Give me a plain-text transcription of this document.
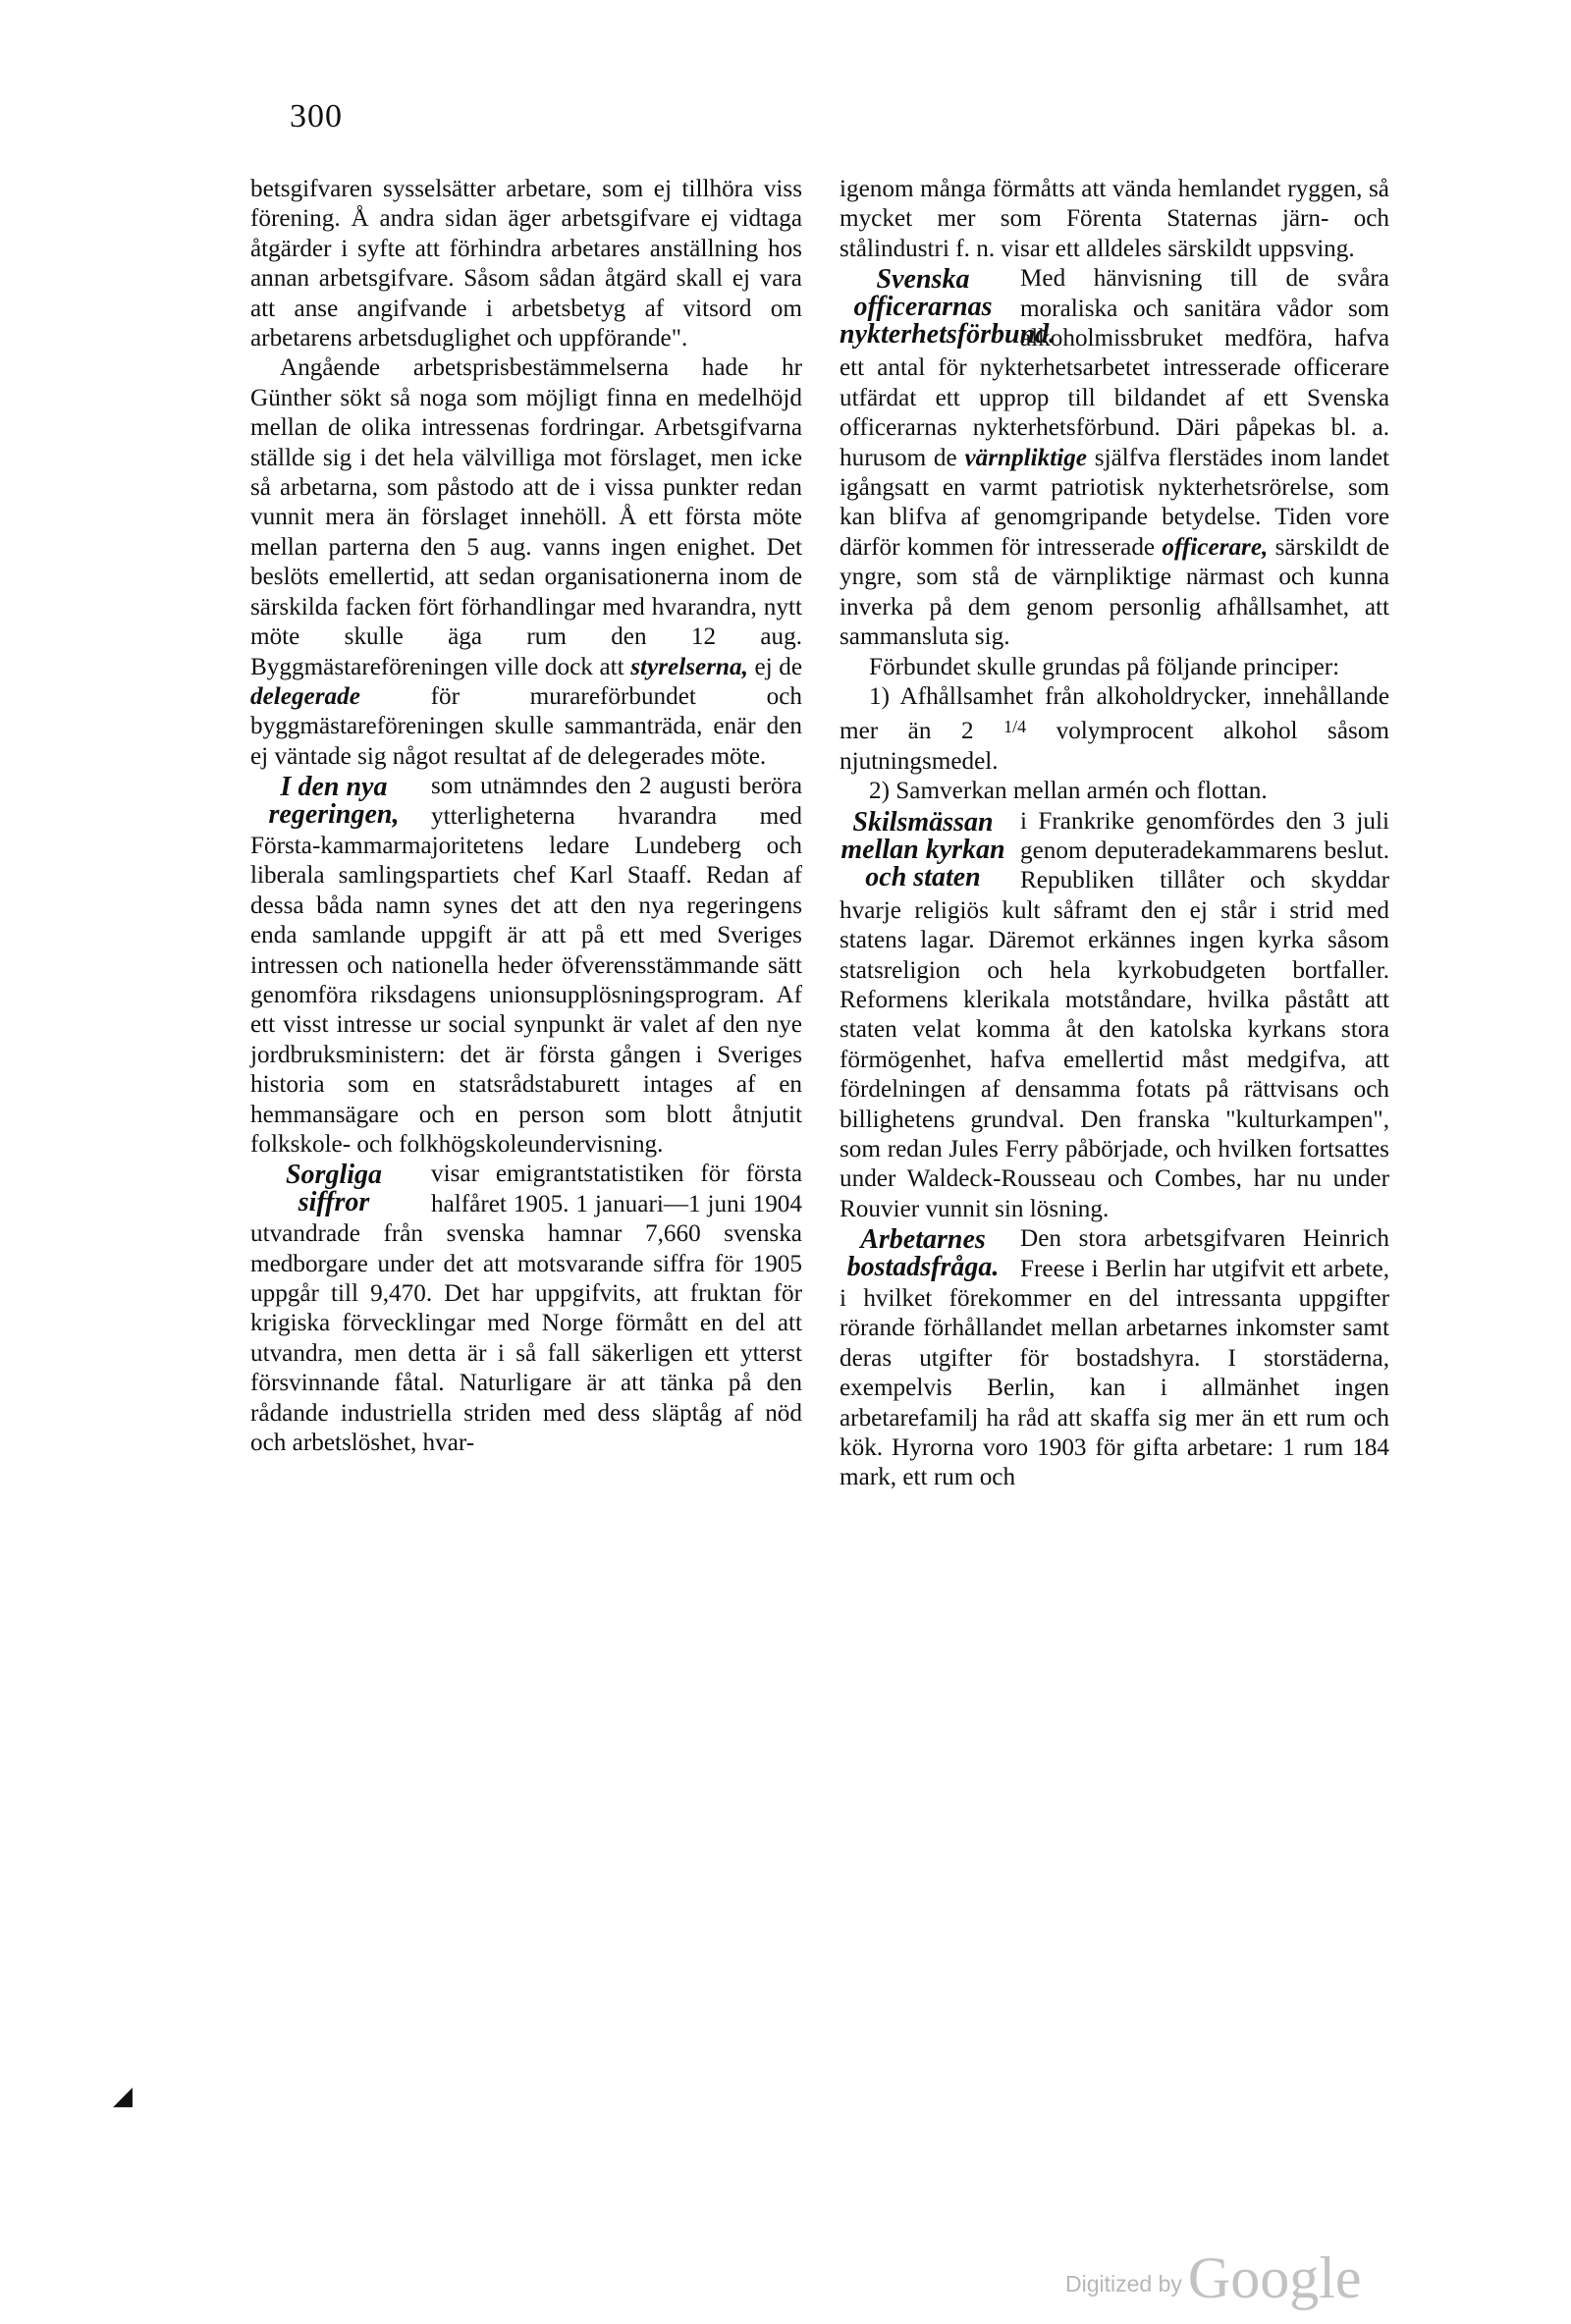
300

betsgifvaren sysselsätter arbetare, som ej tillhöra viss förening. Å andra sidan äger arbetsgifvare ej vidtaga åtgärder i syfte att förhindra arbetares anställning hos annan arbetsgifvare. Såsom sådan åtgärd skall ej vara att anse angifvande i arbetsbetyg af vitsord om arbetarens arbetsduglighet och uppförande".

Angående arbetsprisbestämmelserna hade hr Günther sökt så noga som möjligt finna en medelhöjd mellan de olika intressenas fordringar. Arbetsgifvarna ställde sig i det hela välvilliga mot förslaget, men icke så arbetarna, som påstodo att de i vissa punkter redan vunnit mera än förslaget innehöll. Å ett första möte mellan parterna den 5 aug. vanns ingen enighet. Det beslöts emellertid, att sedan organisationerna inom de särskilda facken fört förhandlingar med hvarandra, nytt möte skulle äga rum den 12 aug. Byggmästareföreningen ville dock att styrelserna, ej de delegerade	för murareförbundet och byggmästareföreningen skulle sammanträda, enär den ej väntade sig något resultat af de delegerades möte.

I den nya regeringen,

som utnämndes den 2 augusti beröra ytterligheterna hvarandra med Första-kammarmajoritetens ledare Lundeberg och liberala samlingspartiets chef Karl Staaff. Redan af dessa båda namn synes det att den nya regeringens enda samlande uppgift är att på ett med Sveriges intressen och nationella heder öfverensstämmande sätt genomföra riksdagens unionsupplösningsprogram. Af ett visst intresse ur social synpunkt är valet af den nye jordbruksministern: det är första gången i Sveriges historia som en statsrådstaburett intages af en hemmansägare och en person som blott åtnjutit folkskole- och folkhögskoleundervisning.

Sorgliga siffror

visar emigrantstatistiken för första halfåret 1905. 1 januari—1 juni 1904 utvandrade från svenska hamnar 7,660 svenska medborgare under det att motsvarande siffra för 1905 uppgår till 9,470. Det har uppgifvits, att fruktan för krigiska förvecklingar med Norge förmått en del att utvandra, men detta är i så fall säkerligen ett ytterst försvinnande fåtal. Naturligare är att tänka på den rådande industriella striden med dess släptåg af nöd och arbetslöshet, hvar-

igenom många förmåtts att vända hemlandet ryggen, så mycket mer som Förenta Staternas järn- och stålindustri f. n. visar ett alldeles särskildt uppsving.

Svenska officerarnas nykterhetsförbund.

Med hänvisning till de svåra moraliska och sanitära vådor som alkoholmissbruket medföra, hafva ett antal för nykterhetsarbetet intresserade officerare utfärdat ett upprop till bildandet af ett Svenska officerarnas nykterhetsförbund. Däri påpekas bl. a. hurusom de värnpliktige själfva flerstädes inom landet igångsatt en varmt patriotisk nykterhetsrörelse, som kan blifva af genomgripande betydelse. Tiden vore därför kommen för intresserade officerare, särskildt de yngre, som stå de värnpliktige närmast och kunna inverka på dem genom personlig afhållsamhet, att sammansluta sig.

Förbundet skulle grundas på följande principer:

1) Afhållsamhet från alkoholdrycker, innehållande mer än 2 $^{1/4}$ volymprocent alkohol såsom njutningsmedel.

2) Samverkan mellan armén och flottan.

Skilsmässan mellan kyrkan och staten

i Frankrike genomfördes den 3 juli genom deputeradekammarens beslut. Republiken tillåter och skyddar hvarje religiös kult såframt den ej står i strid med statens lagar. Däremot erkännes ingen kyrka såsom statsreligion och hela kyrkobudgeten bortfaller. Reformens klerikala motståndare, hvilka påstått att staten velat komma åt den katolska kyrkans stora förmögenhet, hafva emellertid måst medgifva, att fördelningen af densamma fotats på rättvisans och billighetens grundval. Den franska "kulturkampen", som redan Jules Ferry påbörjade, och hvilken fortsattes under Waldeck-Rousseau och Combes, har nu under Rouvier vunnit sin lösning.

Arbetarnes bostadsfråga.

Den stora arbetsgifvaren Heinrich Freese i Berlin har utgifvit ett arbete, i hvilket förekommer en del intressanta uppgifter rörande förhållandet mellan arbetarnes inkomster samt deras utgifter för bostadshyra. I storstäderna, exempelvis Berlin, kan i allmänhet ingen arbetarefamilj ha råd att skaffa sig mer än ett rum och kök. Hyrorna voro 1903 för gifta arbetare: 1 rum 184 mark, ett rum och

◢
Digitized by Google
